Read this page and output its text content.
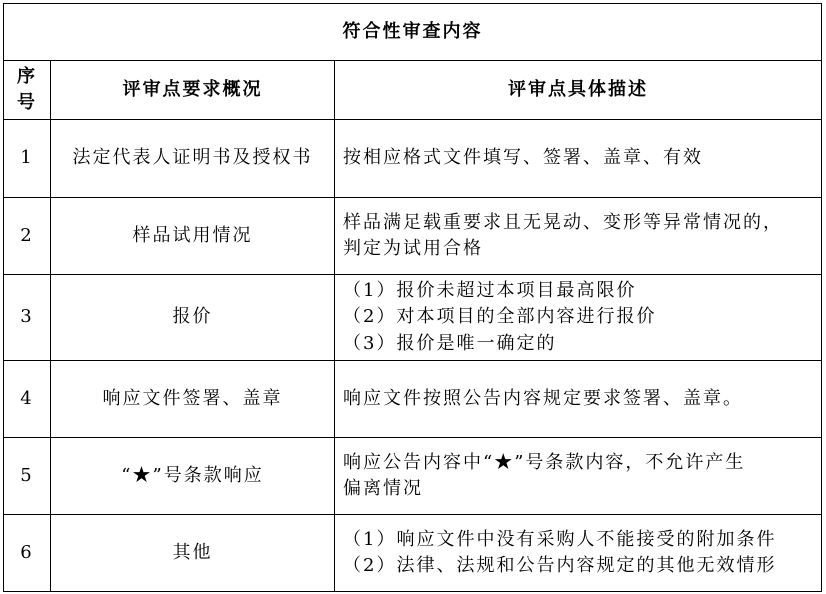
符合性审查内容		
序
号	评审点要求概况	评审点具体描述
1	法定代表人证明书及授权书	按相应格式文件填写、签署、盖章、有效

2	样品试用情况	样品满足载重要求且无晃动、变形等异常情况的，
判定为试用合格

3	报价	（1）报价未超过本项目最高限价
（2）对本项目的全部内容进行报价
（3）报价是唯一确定的

4	响应文件签署、盖章	响应文件按照公告内容规定要求签署、盖章。

5	“★”号条款响应	响应公告内容中“★”号条款内容，不允许产生
偏离情况

6	其他	（1）响应文件中没有采购人不能接受的附加条件
（2）法律、法规和公告内容规定的其他无效情形
